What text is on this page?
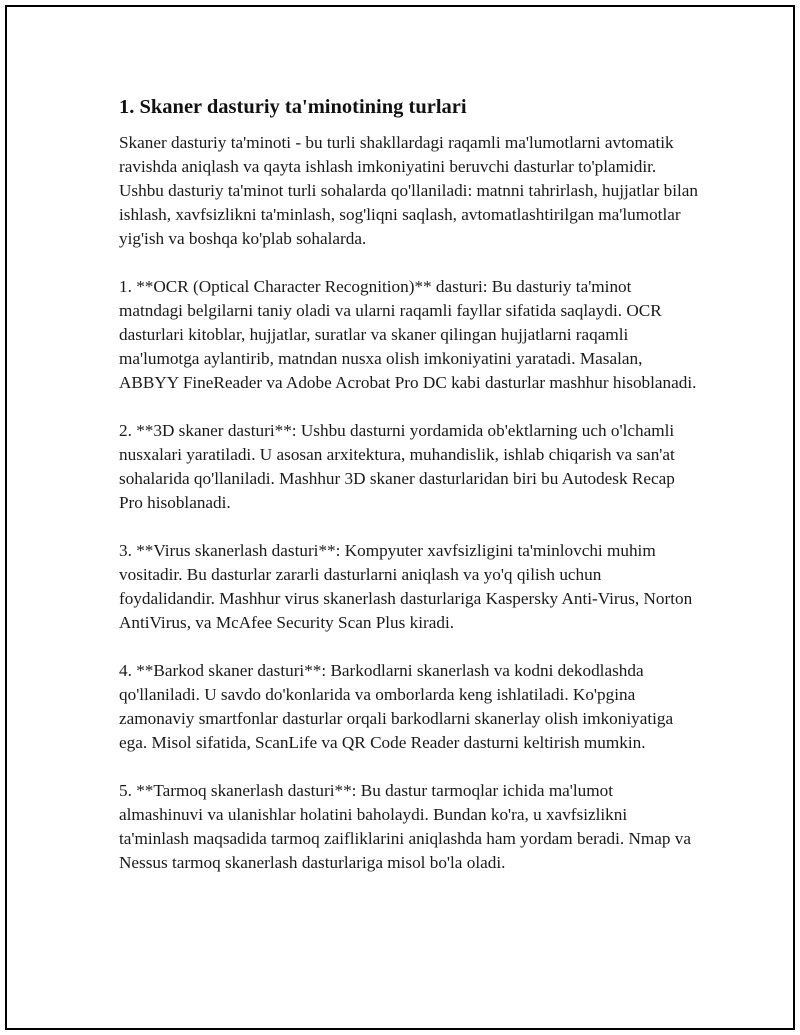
1. Skaner dasturiy ta'minotining turlari

Skaner dasturiy ta'minoti - bu turli shakllardagi raqamli ma'lumotlarni avtomatik ravishda aniqlash va qayta ishlash imkoniyatini beruvchi dasturlar to'plamidir. Ushbu dasturiy ta'minot turli sohalarda qo'llaniladi: matnni tahrirlash, hujjatlar bilan ishlash, xavfsizlikni ta'minlash, sog'liqni saqlash, avtomatlashtirilgan ma'lumotlar yig'ish va boshqa ko'plab sohalarda.

1. **OCR (Optical Character Recognition)** dasturi: Bu dasturiy ta'minot matndagi belgilarni taniy oladi va ularni raqamli fayllar sifatida saqlaydi. OCR dasturlari kitoblar, hujjatlar, suratlar va skaner qilingan hujjatlarni raqamli ma'lumotga aylantirib, matndan nusxa olish imkoniyatini yaratadi. Masalan, ABBYY FineReader va Adobe Acrobat Pro DC kabi dasturlar mashhur hisoblanadi.

2. **3D skaner dasturi**: Ushbu dasturni yordamida ob'ektlarning uch o'lchamli nusxalari yaratiladi. U asosan arxitektura, muhandislik, ishlab chiqarish va san'at sohalarida qo'llaniladi. Mashhur 3D skaner dasturlaridan biri bu Autodesk Recap Pro hisoblanadi.

3. **Virus skanerlash dasturi**: Kompyuter xavfsizligini ta'minlovchi muhim vositadir. Bu dasturlar zararli dasturlarni aniqlash va yo'q qilish uchun foydalidandir. Mashhur virus skanerlash dasturlariga Kaspersky Anti-Virus, Norton AntiVirus, va McAfee Security Scan Plus kiradi.

4. **Barkod skaner dasturi**: Barkodlarni skanerlash va kodni dekodlashda qo'llaniladi. U savdo do'konlarida va omborlarda keng ishlatiladi. Ko'pgina zamonaviy smartfonlar dasturlar orqali barkodlarni skanerlay olish imkoniyatiga ega. Misol sifatida, ScanLife va QR Code Reader dasturni keltirish mumkin.

5. **Tarmoq skanerlash dasturi**: Bu dastur tarmoqlar ichida ma'lumot almashinuvi va ulanishlar holatini baholaydi. Bundan ko'ra, u xavfsizlikni ta'minlash maqsadida tarmoq zaifliklarini aniqlashda ham yordam beradi. Nmap va Nessus tarmoq skanerlash dasturlariga misol bo'la oladi.
